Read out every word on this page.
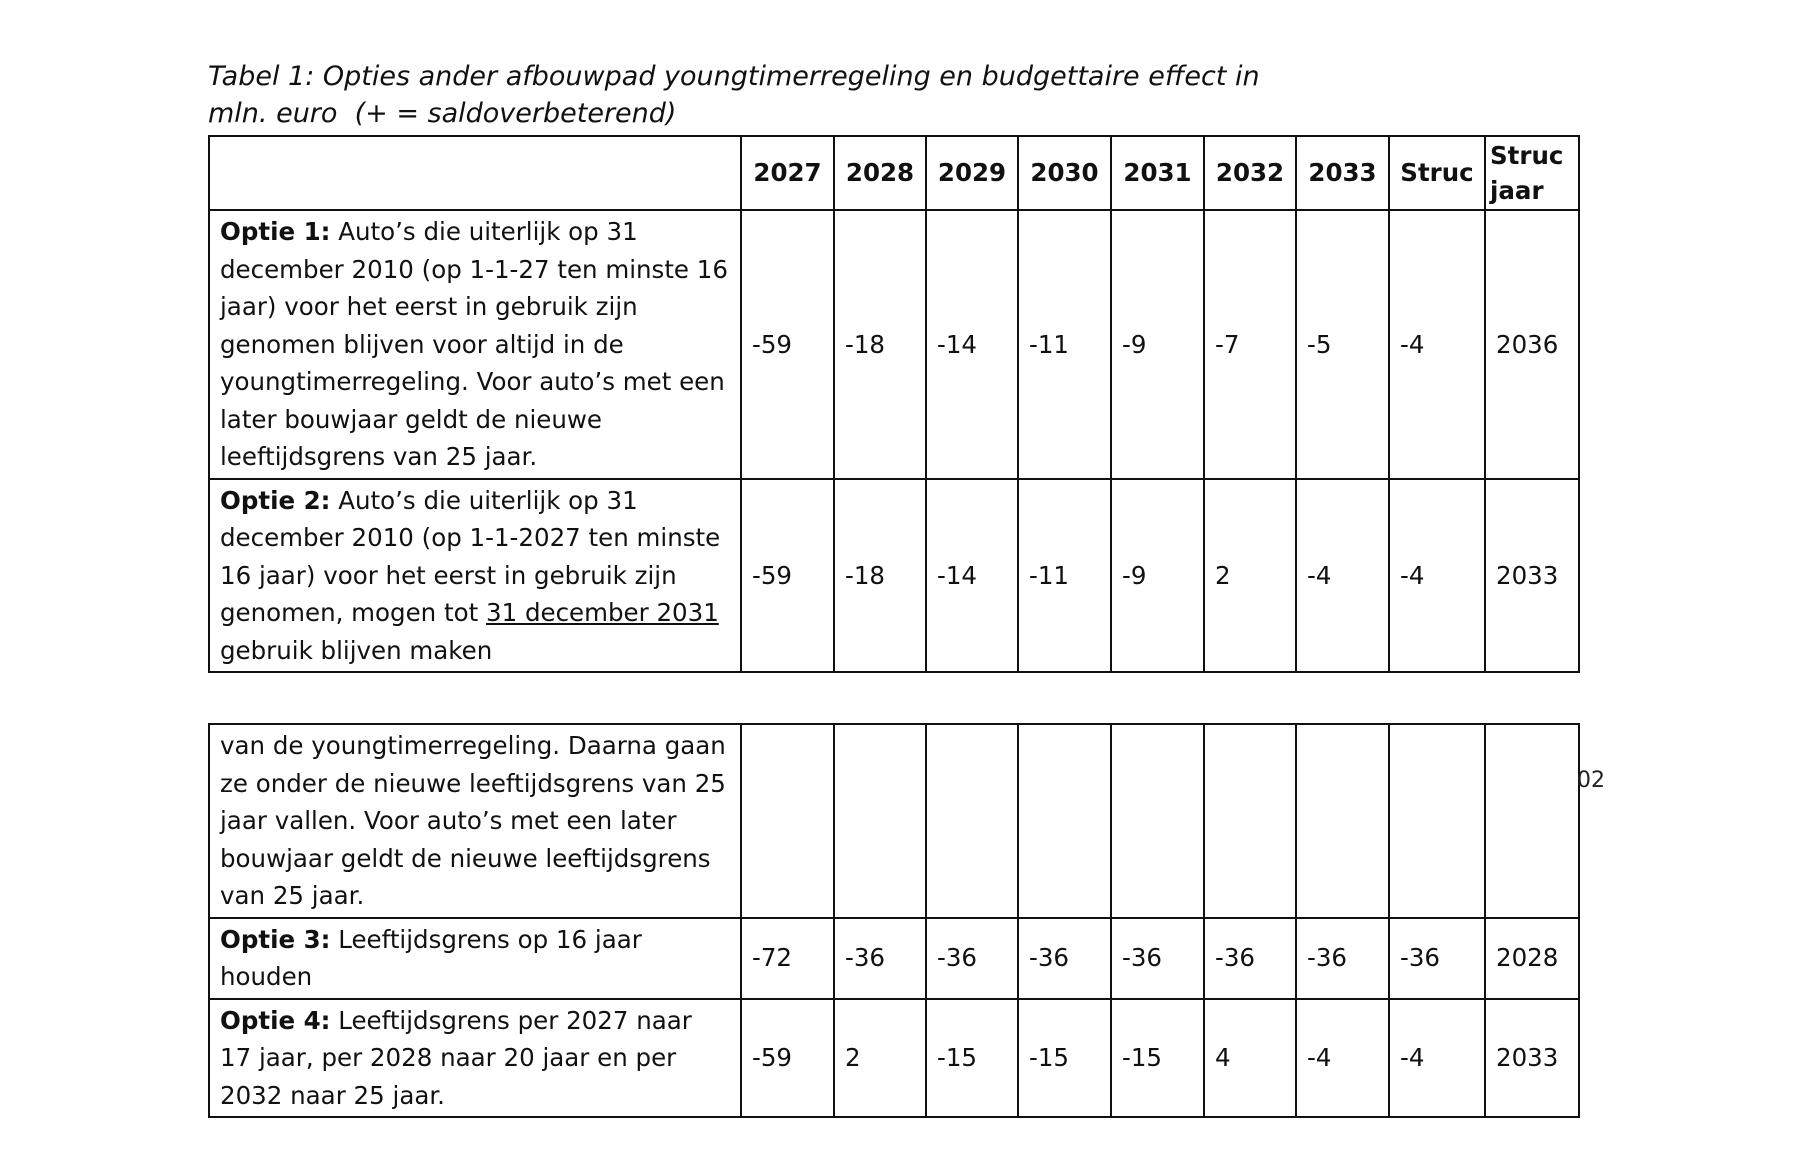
Tabel 1: Opties ander afbouwpad youngtimerregeling en budgettaire effect in
mln. euro  (+ = saldoverbeterend)
	2027	2028	2029	2030	2031	2032	2033	Struc	Struc jaar
Optie 1: Auto’s die uiterlijk op 31 december 2010 (op 1-1-27 ten minste 16 jaar) voor het eerst in gebruik zijn genomen blijven voor altijd in de youngtimerregeling. Voor auto’s met een later bouwjaar geldt de nieuwe leeftijdsgrens van 25 jaar.	-59	-18	-14	-11	-9	-7	-5	-4	2036
Optie 2: Auto’s die uiterlijk op 31 december 2010 (op 1-1-2027 ten minste 16 jaar) voor het eerst in gebruik zijn genomen, mogen tot 31 december 2031 gebruik blijven maken	-59	-18	-14	-11	-9	2	-4	-4	2033
van de youngtimerregeling. Daarna gaan ze onder de nieuwe leeftijdsgrens van 25 jaar vallen. Voor auto’s met een later bouwjaar geldt de nieuwe leeftijdsgrens van 25 jaar.									
Optie 3: Leeftijdsgrens op 16 jaar houden	-72	-36	-36	-36	-36	-36	-36	-36	2028
Optie 4: Leeftijdsgrens per 2027 naar 17 jaar, per 2028 naar 20 jaar en per 2032 naar 25 jaar.	-59	2	-15	-15	-15	4	-4	-4	2033
02
